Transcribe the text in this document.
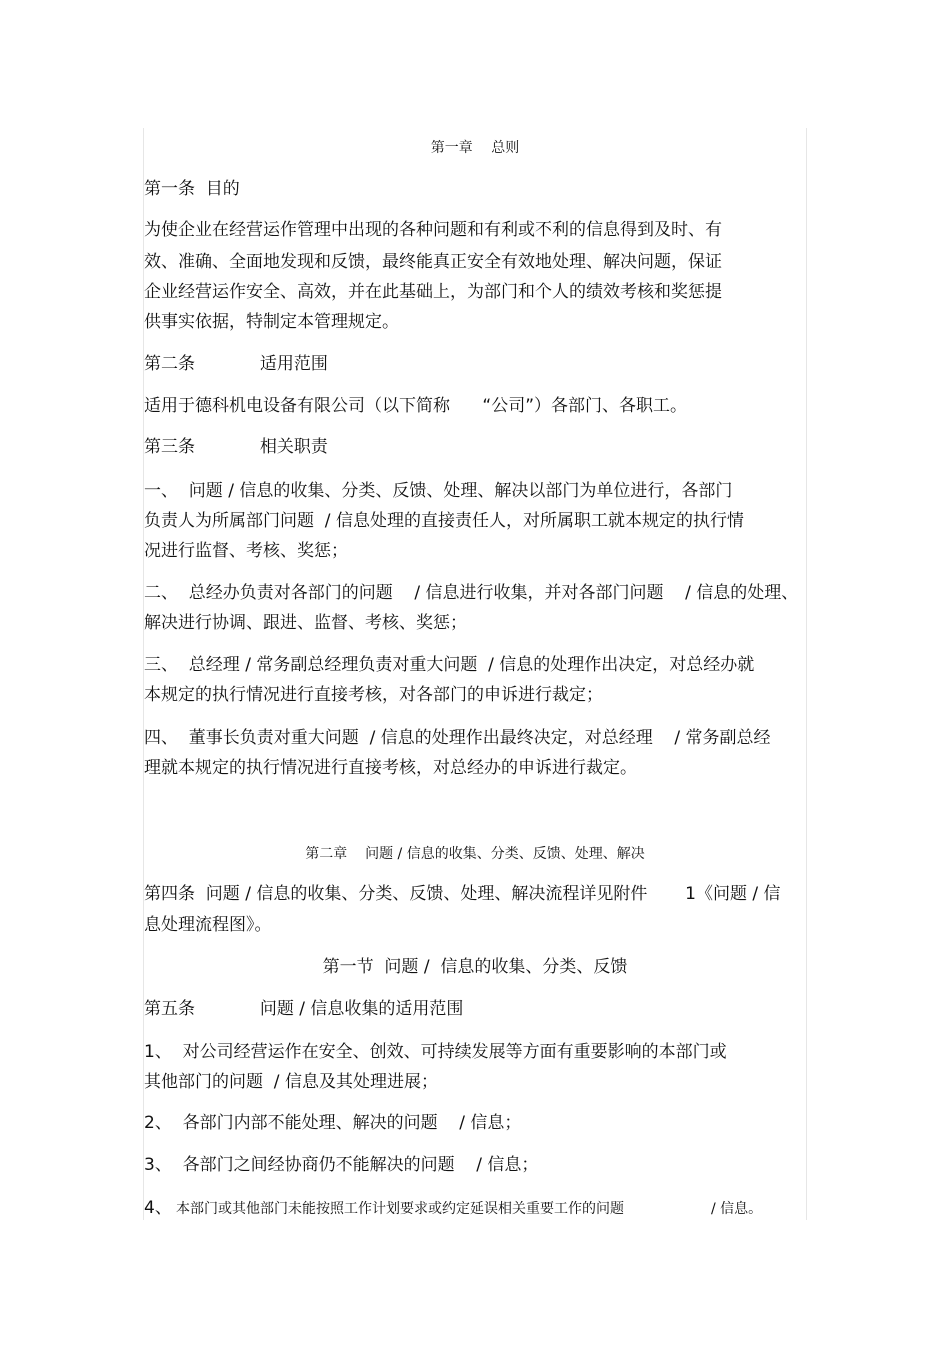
第一章 　总则
第一条  目的
为使企业在经营运作管理中出现的各种问题和有利或不利的信息得到及时、有
效、准确、全面地发现和反馈，最终能真正安全有效地处理、解决问题，保证
企业经营运作安全、高效，并在此基础上，为部门和个人的绩效考核和奖惩提
供事实依据，特制定本管理规定。
第二条            适用范围
适用于德科机电设备有限公司（以下简称      “公司”）各部门、各职工。
第三条            相关职责
一、  问题 / 信息的收集、分类、反馈、处理、解决以部门为单位进行，各部门
负责人为所属部门问题  / 信息处理的直接责任人，对所属职工就本规定的执行情
况进行监督、考核、奖惩；
二、  总经办负责对各部门的问题    / 信息进行收集，并对各部门问题    / 信息的处理、
解决进行协调、跟进、监督、考核、奖惩；
三、  总经理 / 常务副总经理负责对重大问题  / 信息的处理作出决定，对总经办就
本规定的执行情况进行直接考核，对各部门的申诉进行裁定；
四、  董事长负责对重大问题  / 信息的处理作出最终决定，对总经理    / 常务副总经
理就本规定的执行情况进行直接考核，对总经办的申诉进行裁定。
第二章    问题 / 信息的收集、分类、反馈、处理、解决
第四条  问题 / 信息的收集、分类、反馈、处理、解决流程详见附件       1《问题 / 信
息处理流程图》。
第一节  问题 /  信息的收集、分类、反馈
第五条            问题 / 信息收集的适用范围
1、  对公司经营运作在安全、创效、可持续发展等方面有重要影响的本部门或
其他部门的问题  / 信息及其处理进展；
2、  各部门内部不能处理、解决的问题    / 信息；
3、  各部门之间经协商仍不能解决的问题    / 信息；
4、 本部门或其他部门未能按照工作计划要求或约定延误相关重要工作的问题	/ 信息。
